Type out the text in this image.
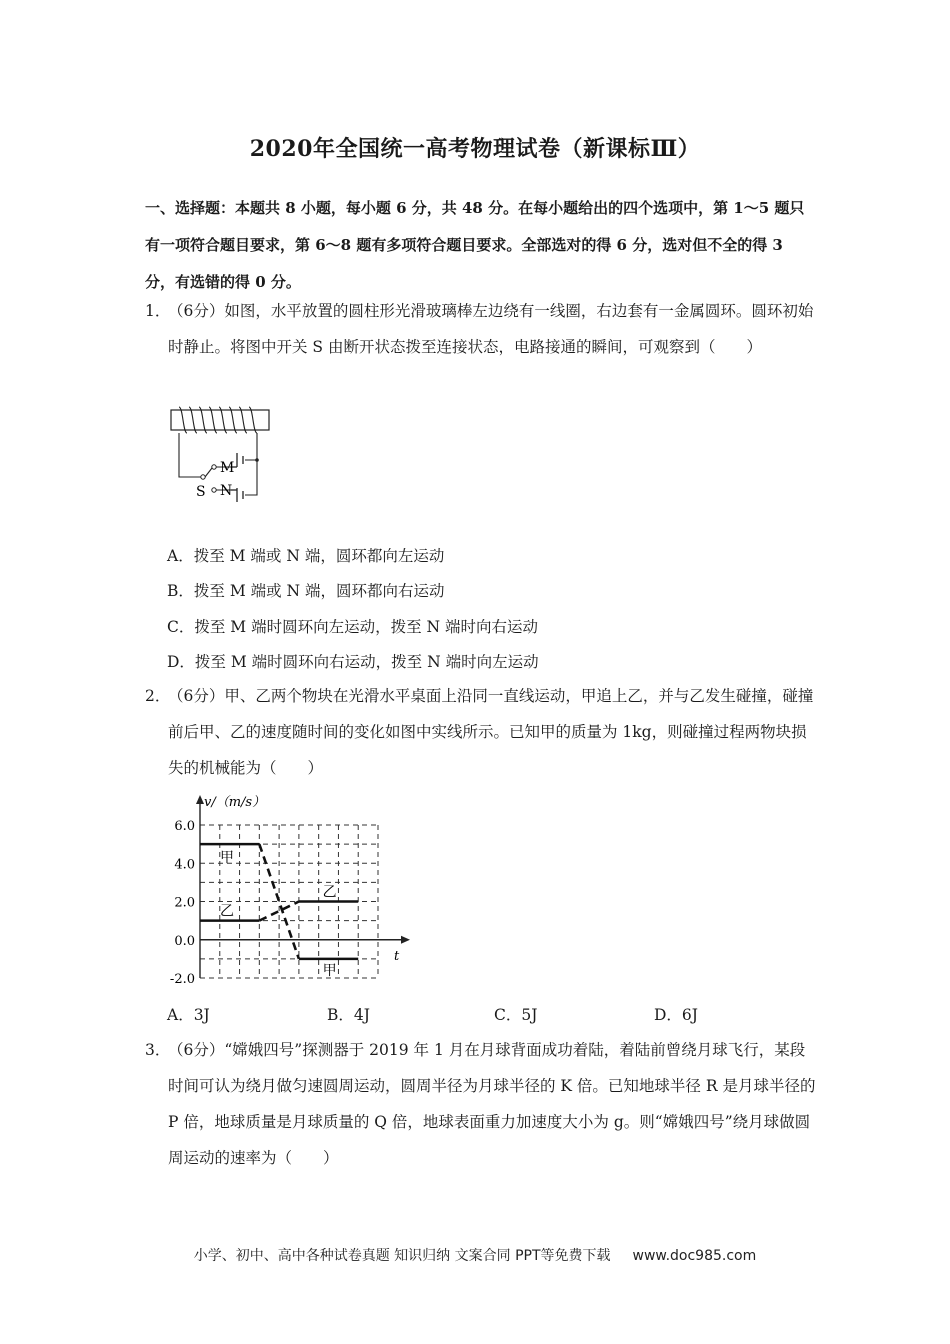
2020年全国统一高考物理试卷（新课标Ⅲ）
一、选择题：本题共 8 小题，每小题 6 分，共 48 分。在每小题给出的四个选项中，第 1～5 题只有一项符合题目要求，第 6～8 题有多项符合题目要求。全部选对的得 6 分，选对但不全的得 3 分，有选错的得 0 分。
1．
（6分）如图，水平放置的圆柱形光滑玻璃棒左边绕有一线圈，右边套有一金属圆环。圆环初始时静止。将图中开关 S 由断开状态拨至连接状态，电路接通的瞬间，可观察到（　　）
M
N
S
A．拨至 M 端或 N 端，圆环都向左运动
B．拨至 M 端或 N 端，圆环都向右运动
C．拨至 M 端时圆环向左运动，拨至 N 端时向右运动
D．拨至 M 端时圆环向右运动，拨至 N 端时向左运动
2．
（6分）甲、乙两个物块在光滑水平桌面上沿同一直线运动，甲追上乙，并与乙发生碰撞，碰撞前后甲、乙的速度随时间的变化如图中实线所示。已知甲的质量为 1kg，则碰撞过程两物块损失的机械能为（　　）
v/（m/s）
t
6.0
4.0
2.0
0.0
-2.0
甲
乙
乙
甲
A．3J	B．4J	C．5J	D．6J
3．
（6分）“嫦娥四号”探测器于 2019 年 1 月在月球背面成功着陆，着陆前曾绕月球飞行，某段时间可认为绕月做匀速圆周运动，圆周半径为月球半径的 K 倍。已知地球半径 R 是月球半径的 P 倍，地球质量是月球质量的 Q 倍，地球表面重力加速度大小为 g。则“嫦娥四号”绕月球做圆周运动的速率为（　　）
小学、初中、高中各种试卷真题 知识归纳 文案合同 PPT等免费下载 www.doc985.com
